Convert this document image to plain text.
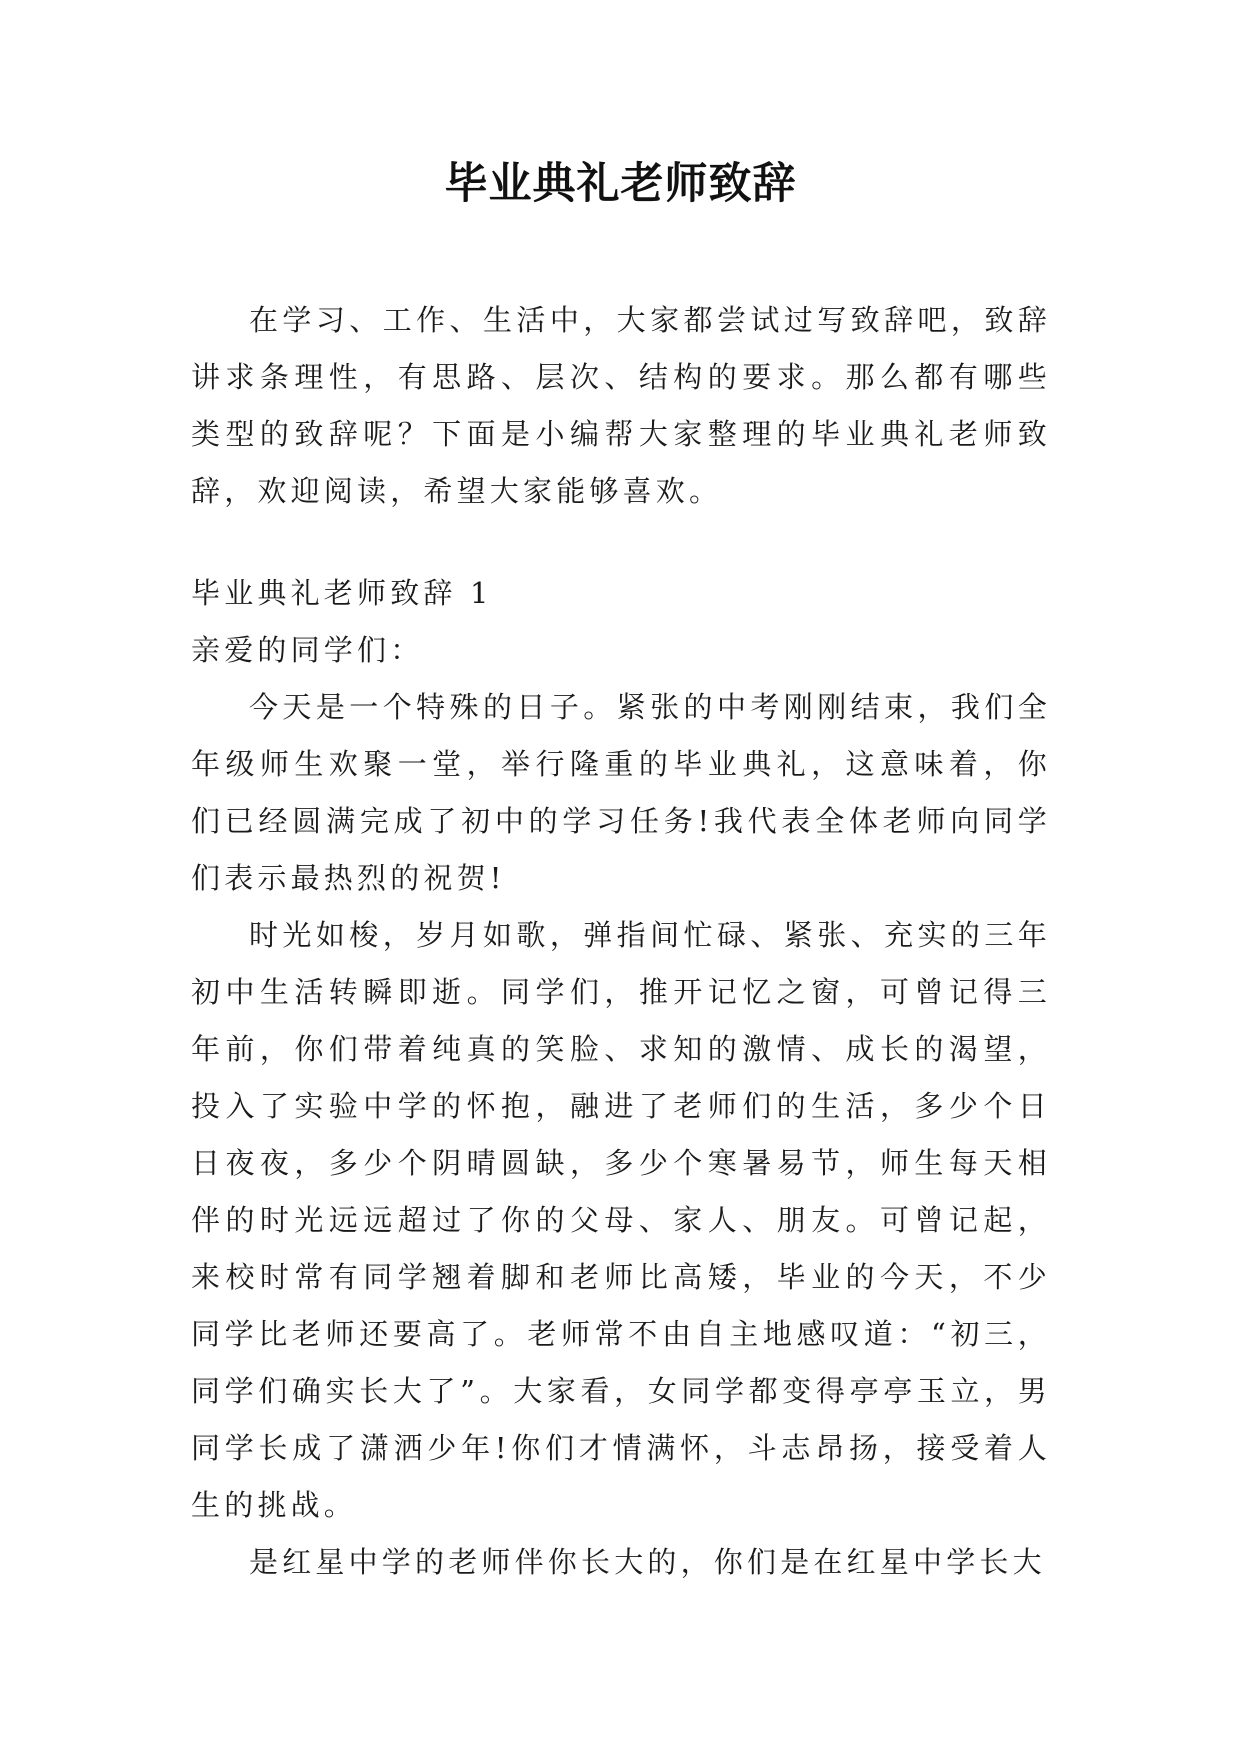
毕业典礼老师致辞

在学习、工作、生活中，大家都尝试过写致辞吧，致辞讲求条理性，有思路、层次、结构的要求。那么都有哪些类型的致辞呢？下面是小编帮大家整理的毕业典礼老师致辞，欢迎阅读，希望大家能够喜欢。

毕业典礼老师致辞 1

亲爱的同学们：

今天是一个特殊的日子。紧张的中考刚刚结束，我们全年级师生欢聚一堂，举行隆重的毕业典礼，这意味着，你们已经圆满完成了初中的学习任务!我代表全体老师向同学们表示最热烈的祝贺!

时光如梭，岁月如歌，弹指间忙碌、紧张、充实的三年初中生活转瞬即逝。同学们，推开记忆之窗，可曾记得三年前，你们带着纯真的笑脸、求知的激情、成长的渴望，投入了实验中学的怀抱，融进了老师们的生活，多少个日日夜夜，多少个阴晴圆缺，多少个寒暑易节，师生每天相伴的时光远远超过了你的父母、家人、朋友。可曾记起，来校时常有同学翘着脚和老师比高矮，毕业的今天，不少同学比老师还要高了。老师常不由自主地感叹道：“初三，同学们确实长大了”。大家看，女同学都变得亭亭玉立，男同学长成了潇洒少年!你们才情满怀，斗志昂扬，接受着人生的挑战。

是红星中学的老师伴你长大的，你们是在红星中学长大
